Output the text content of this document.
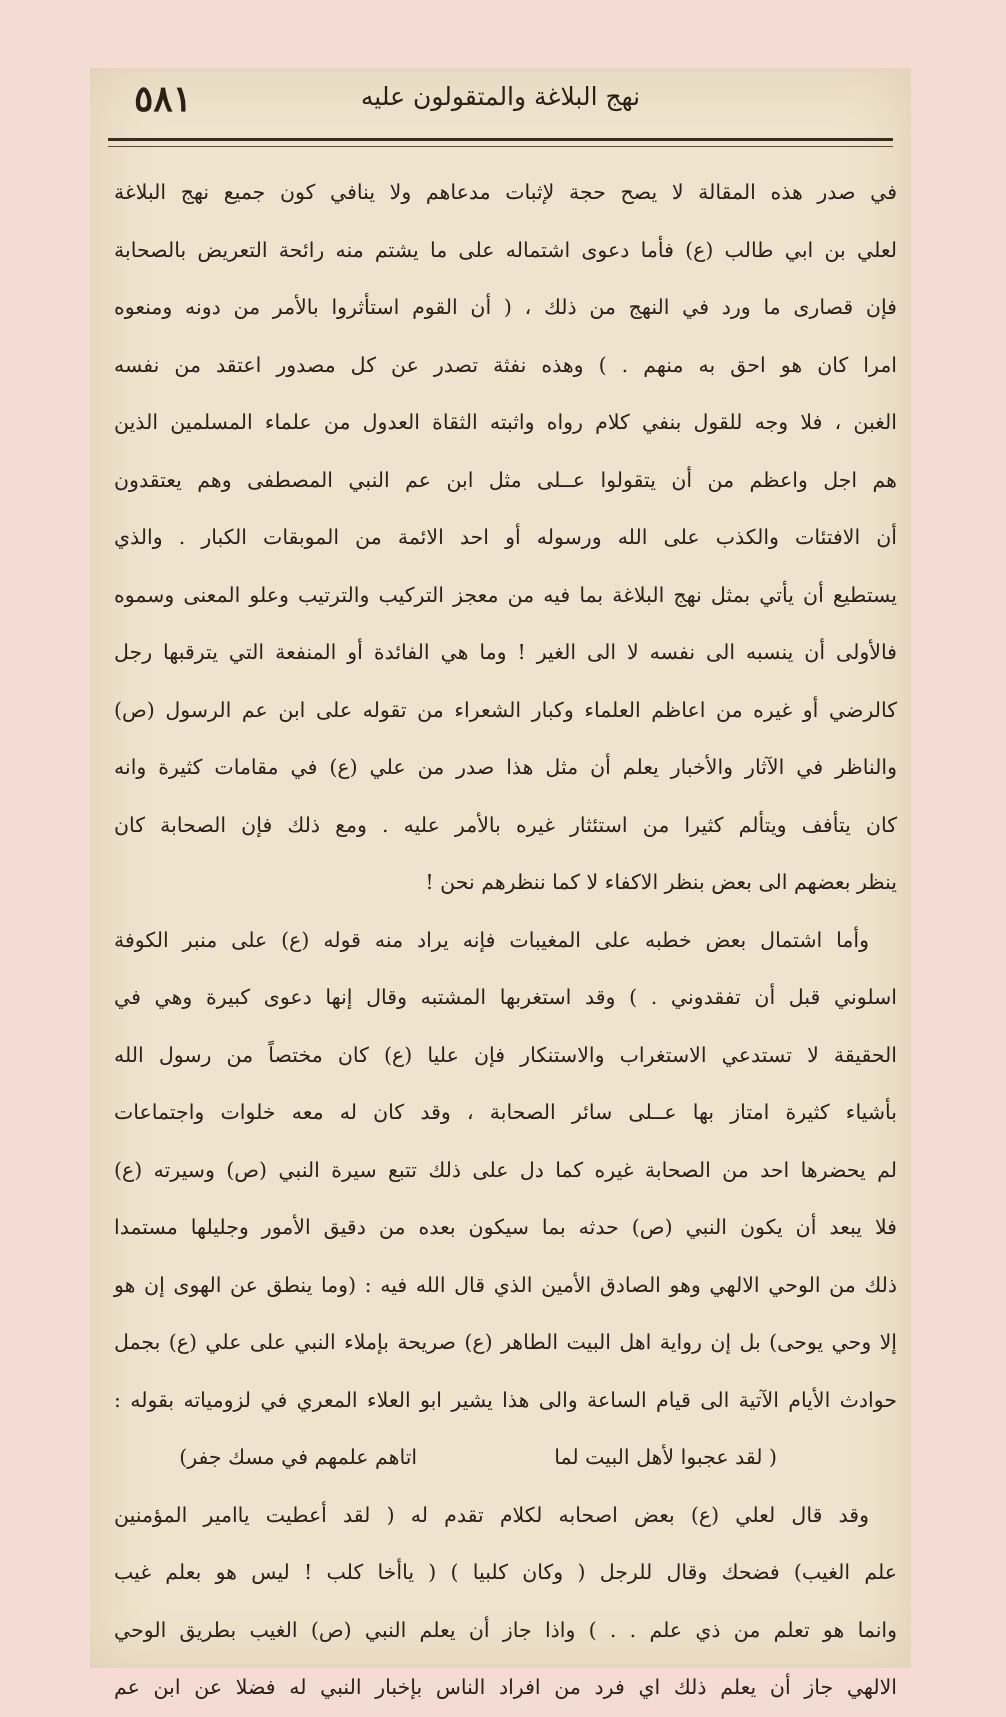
٥٨١	نهج البلاغة والمتقولون عليه
في صدر هذه المقالة لا يصح حجة لإثبات مدعاهم ولا ينافي كون جميع نهج البلاغة
لعلي بن ابي طالب (ع) فأما دعوى اشتماله على ما يشتم منه رائحة التعريض بالصحابة
فإن قصارى ما ورد في النهج من ذلك ، ( أن القوم استأثروا بالأمر من دونه ومنعوه
امرا كان هو احق به منهم . ) وهذه نفثة تصدر عن كل مصدور اعتقد من نفسه
الغبن ، فلا وجه للقول بنفي كلام رواه واثبته الثقاة العدول من علماء المسلمين الذين
هم اجل واعظم من أن يتقولوا عــلى مثل ابن عم النبي المصطفى وهم يعتقدون
أن الافتئات والكذب على الله ورسوله أو احد الائمة من الموبقات الكبار . والذي
يستطيع أن يأتي بمثل نهج البلاغة بما فيه من معجز التركيب والترتيب وعلو المعنى وسموه
فالأولى أن ينسبه الى نفسه لا الى الغير ! وما هي الفائدة أو المنفعة التي يترقبها رجل
كالرضي أو غيره من اعاظم العلماء وكبار الشعراء من تقوله على ابن عم الرسول (ص)
والناظر في الآثار والأخبار يعلم أن مثل هذا صدر من علي (ع) في مقامات كثيرة وانه
كان يتأفف ويتألم كثيرا من استئثار غيره بالأمر عليه . ومع ذلك فإن الصحابة كان
ينظر بعضهم الى بعض بنظر الاكفاء لا كما ننظرهم نحن !
وأما اشتمال بعض خطبه على المغيبات فإنه يراد منه قوله (ع) على منبر الكوفة
اسلوني قبل أن تفقدوني . ) وقد استغربها المشتبه وقال إنها دعوى كبيرة وهي في
الحقيقة لا تستدعي الاستغراب والاستنكار فإن عليا (ع) كان مختصاً من رسول الله
بأشياء كثيرة امتاز بها عــلى سائر الصحابة ، وقد كان له معه خلوات واجتماعات
لم يحضرها احد من الصحابة غيره كما دل على ذلك تتبع سيرة النبي (ص) وسيرته (ع)
فلا يبعد أن يكون النبي (ص) حدثه بما سيكون بعده من دقيق الأمور وجليلها مستمدا
ذلك من الوحي الالهي وهو الصادق الأمين الذي قال الله فيه : (وما ينطق عن الهوى إن هو
إلا وحي يوحى) بل إن رواية اهل البيت الطاهر (ع) صريحة بإملاء النبي على علي (ع) بجمل
حوادث الأيام الآتية الى قيام الساعة والى هذا يشير ابو العلاء المعري في لزومياته بقوله :
( لقد عجبوا لأهل البيت لما
اتاهم علمهم في مسك جفر)
وقد قال لعلي (ع) بعض اصحابه لكلام تقدم له ( لقد أعطيت ياامير المؤمنين
علم الغيب) فضحك وقال للرجل ( وكان كلبيا ) ( ياأخا كلب ! ليس هو بعلم غيب
وانما هو تعلم من ذي علم . . ) واذا جاز أن يعلم النبي (ص) الغيب بطريق الوحي
الالهي جاز أن يعلم ذلك اي فرد من افراد الناس بإخبار النبي له فضلا عن ابن عم
